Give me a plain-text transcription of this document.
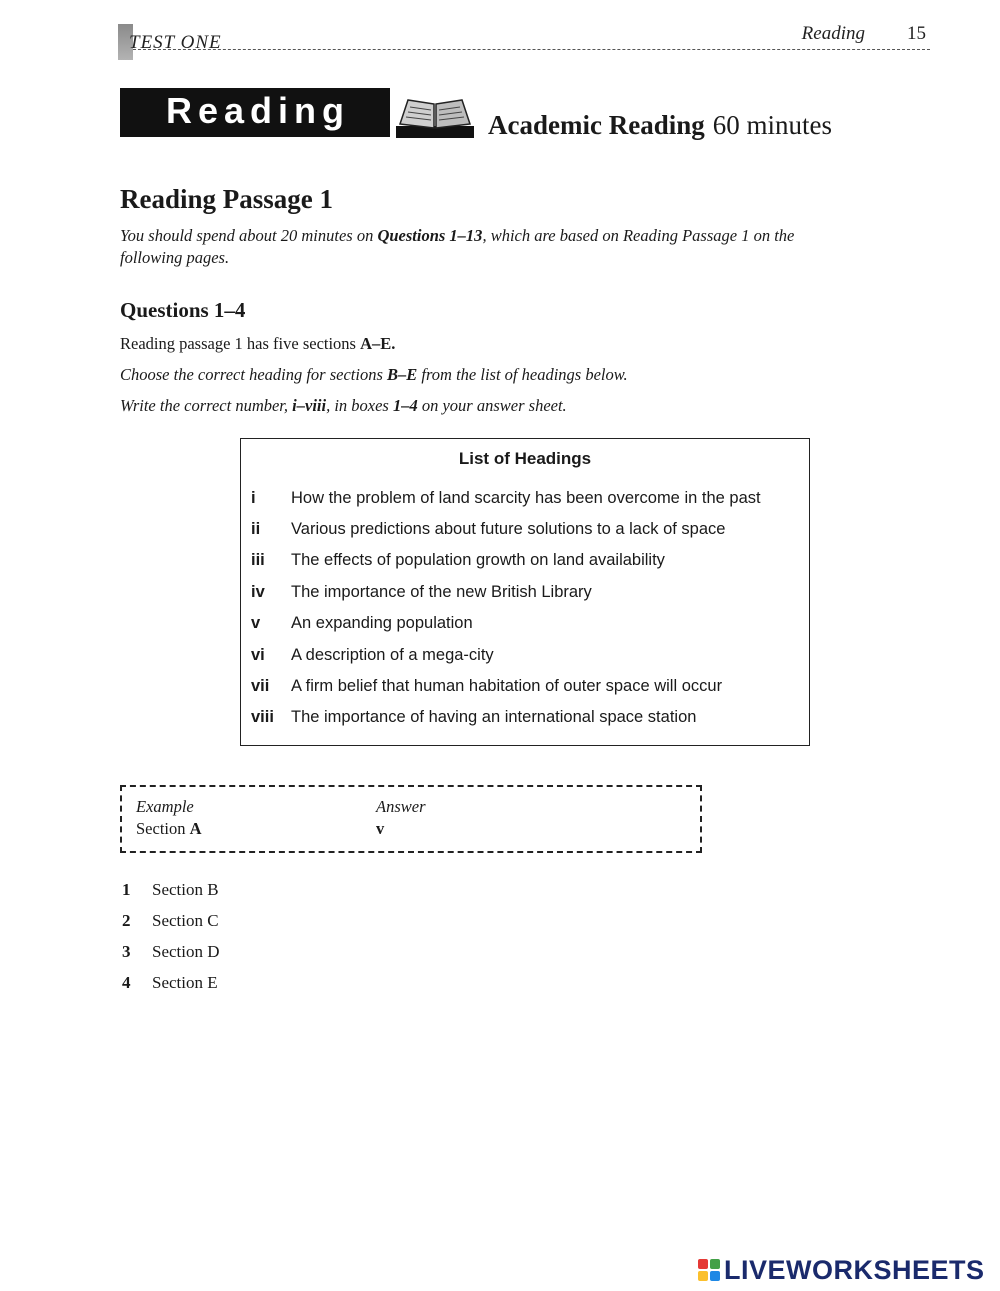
TEST ONE	Reading 15
Reading	Academic Reading 60 minutes
Reading Passage 1
You should spend about 20 minutes on Questions 1–13, which are based on Reading Passage 1 on the following pages.
Questions 1–4
Reading passage 1 has five sections A–E.
Choose the correct heading for sections B–E from the list of headings below.
Write the correct number, i–viii, in boxes 1–4 on your answer sheet.
List of Headings
i How the problem of land scarcity has been overcome in the past
ii Various predictions about future solutions to a lack of space
iii The effects of population growth on land availability
iv The importance of the new British Library
v An expanding population
vi A description of a mega-city
vii A firm belief that human habitation of outer space will occur
viii The importance of having an international space station
Example	Answer
Section A	v
1 Section B
2 Section C
3 Section D
4 Section E
LIVEWORKSHEETS
